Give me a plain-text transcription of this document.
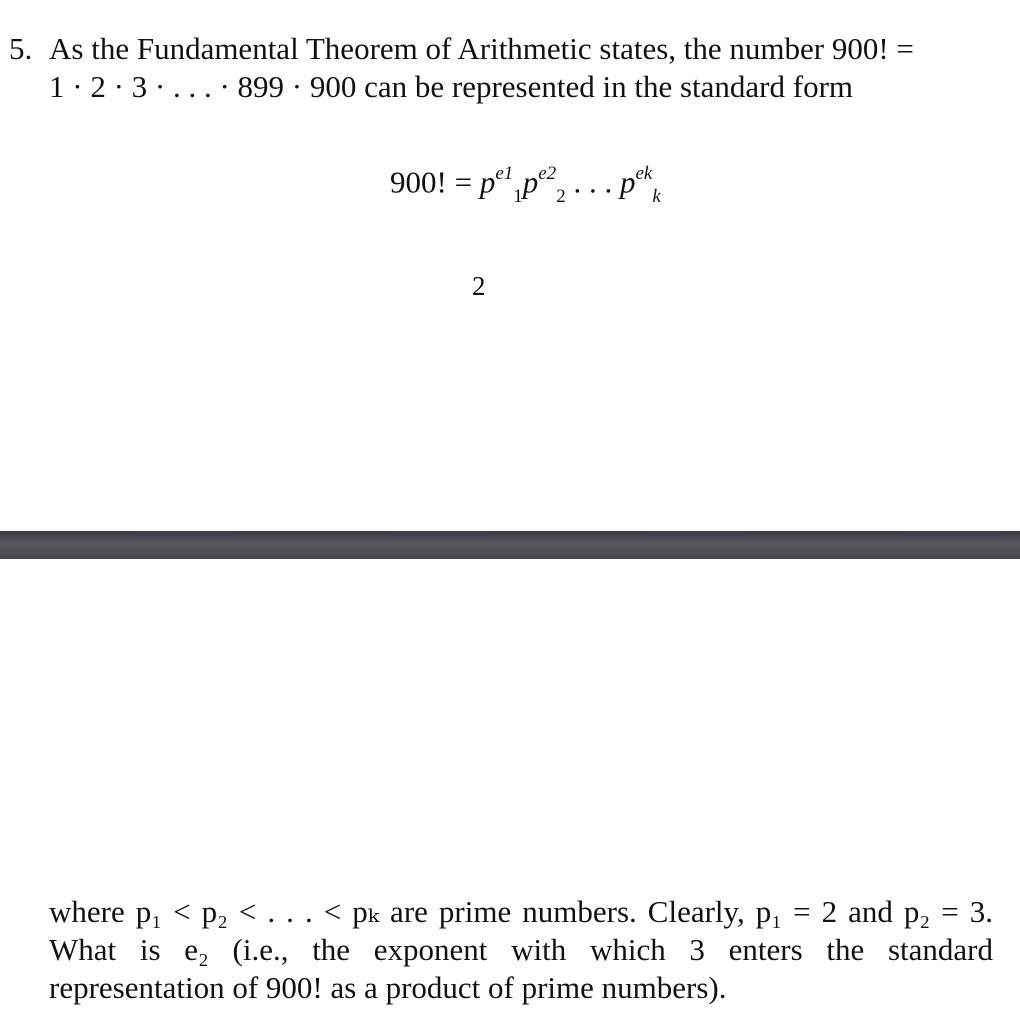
5. As the Fundamental Theorem of Arithmetic states, the number 900! =
1 · 2 · 3 · . . . · 899 · 900 can be represented in the standard form
900! = $p^{e1}_1p^{e2}_2$ . . . $p^{ek}_k$
2
where p₁ < p₂ < . . . < pₖ are prime numbers. Clearly, p₁ = 2 and p₂ = 3. What is e₂ (i.e., the exponent with which 3 enters the standard representation of 900! as a product of prime numbers).
